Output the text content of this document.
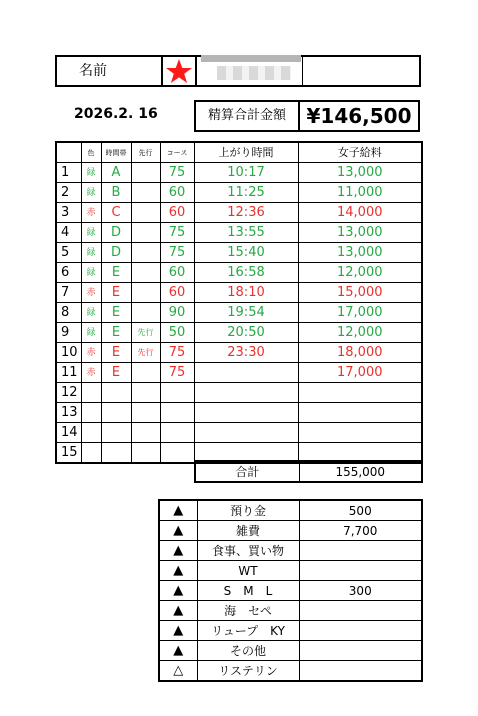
名前
2026.2. 16	精算合計金額	¥146,500
	色	時間帯	先行	コース	上がり時間	女子給料
1	緑	A		75	10:17	13,000
2	緑	B		60	11:25	11,000
3	赤	C		60	12:36	14,000
4	緑	D		75	13:55	13,000
5	緑	D		75	15:40	13,000
6	緑	E		60	16:58	12,000
7	赤	E		60	18:10	15,000
8	緑	E		90	19:54	17,000
9	緑	E	先行	50	20:50	12,000
10	赤	E	先行	75	23:30	18,000
11	赤	E		75		17,000
12						
13						
14						
15						
合計	155,000
▲	預り金	500
▲	雑費	7,700
▲	食事、買い物	
▲	WT	
▲	S　M　L	300
▲	海　セペ	
▲	リュープ　KY	
▲	その他	
△	リステリン	
